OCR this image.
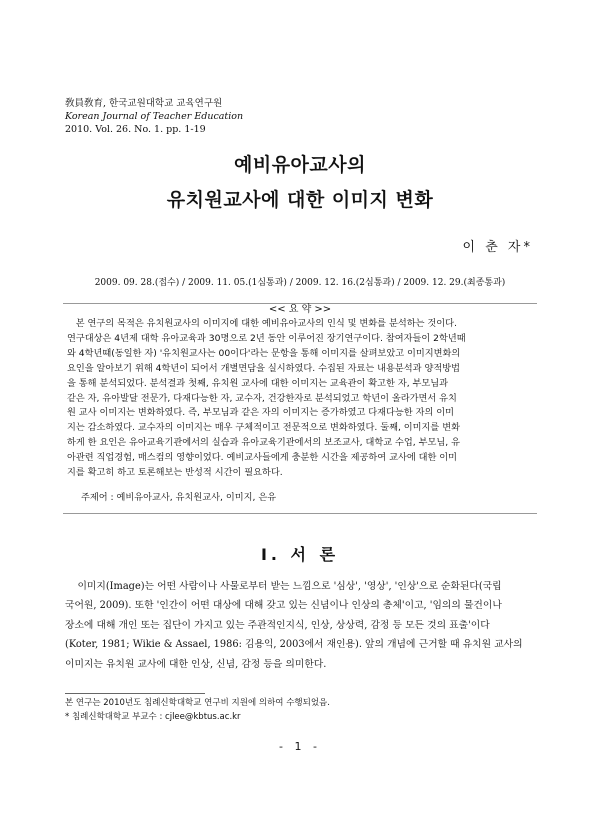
敎員敎育, 한국교원대학교 교육연구원
Korean Journal of Teacher Education
2010. Vol. 26. No. 1. pp. 1-19
예비유아교사의
유치원교사에 대한 이미지 변화
이 춘 자*
2009. 09. 28.(접수) / 2009. 11. 05.(1심통과) / 2009. 12. 16.(2심통과) / 2009. 12. 29.(최종통과)
<< 요 약 >>
본 연구의 목적은 유치원교사의 이미지에 대한 예비유아교사의 인식 및 변화를 분석하는 것이다.
연구대상은 4년제 대학 유아교육과 30명으로 2년 동안 이루어진 장기연구이다. 참여자들이 2학년때
와 4학년때(동일한 자) '유치원교사는 00이다'라는 문항을 통해 이미지를 살펴보았고 이미지변화의
요인을 알아보기 위해 4학년이 되어서 개별면담을 실시하였다. 수집된 자료는 내용분석과 양적방법
을 통해 분석되었다. 분석결과 첫째, 유치원 교사에 대한 이미지는 교육관이 확고한 자, 부모님과
같은 자, 유아발달 전문가, 다재다능한 자, 교수자, 건강한자로 분석되었고 학년이 올라가면서 유치
원 교사 이미지는 변화하였다. 즉, 부모님과 같은 자의 이미지는 증가하였고 다재다능한 자의 이미
지는 감소하였다. 교수자의 이미지는 매우 구체적이고 전문적으로 변화하였다. 둘째, 이미지를 변화
하게 한 요인은 유아교육기관에서의 실습과 유아교육기관에서의 보조교사, 대학교 수업, 부모님, 유
아관련 직업경험, 매스컴의 영향이었다. 예비교사들에게 충분한 시간을 제공하여 교사에 대한 이미
지를 확고히 하고 토론해보는 반성적 시간이 필요하다.
주제어 : 예비유아교사, 유치원교사, 이미지, 은유
Ⅰ. 서 론
이미지(Image)는 어떤 사람이나 사물로부터 받는 느낌으로 '심상', '영상', '인상'으로 순화된다(국립
국어원, 2009). 또한 '인간이 어떤 대상에 대해 갖고 있는 신념이나 인상의 총체'이고, '임의의 물건이나
장소에 대해 개인 또는 집단이 가지고 있는 주관적인지식, 인상, 상상력, 감정 등 모든 것의 표출'이다
(Koter, 1981; Wikie & Assael, 1986: 김용익, 2003에서 재인용). 앞의 개념에 근거할 때 유치원 교사의
이미지는 유치원 교사에 대한 인상, 신념, 감정 등을 의미한다.
본 연구는 2010년도 침례신학대학교 연구비 지원에 의하여 수행되었음.
* 침례신학대학교 부교수 : cjlee@kbtus.ac.kr
- 1 -
